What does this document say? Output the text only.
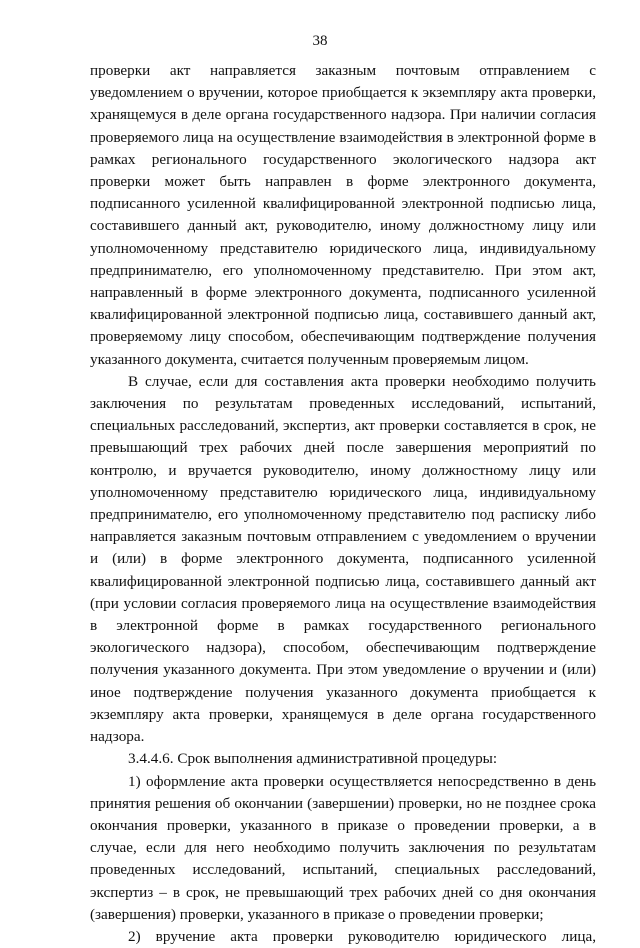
38

проверки акт направляется заказным почтовым отправлением с уведомлением о вручении, которое приобщается к экземпляру акта проверки, хранящемуся в деле органа государственного надзора. При наличии согласия проверяемого лица на осуществление взаимодействия в электронной форме в рамках регионального государственного экологического надзора акт проверки может быть направлен в форме электронного документа, подписанного усиленной квалифицированной электронной подписью лица, составившего данный акт, руководителю, иному должностному лицу или уполномоченному представителю юридического лица, индивидуальному предпринимателю, его уполномоченному представителю. При этом акт, направленный в форме электронного документа, подписанного усиленной квалифицированной электронной подписью лица, составившего данный акт, проверяемому лицу способом, обеспечивающим подтверждение получения указанного документа, считается полученным проверяемым лицом.

В случае, если для составления акта проверки необходимо получить заключения по результатам проведенных исследований, испытаний, специальных расследований, экспертиз, акт проверки составляется в срок, не превышающий трех рабочих дней после завершения мероприятий по контролю, и вручается руководителю, иному должностному лицу или уполномоченному представителю юридического лица, индивидуальному предпринимателю, его уполномоченному представителю под расписку либо направляется заказным почтовым отправлением с уведомлением о вручении и (или) в форме электронного документа, подписанного усиленной квалифицированной электронной подписью лица, составившего данный акт (при условии согласия проверяемого лица на осуществление взаимодействия в электронной форме в рамках государственного регионального экологического надзора), способом, обеспечивающим подтверждение получения указанного документа. При этом уведомление о вручении и (или) иное подтверждение получения указанного документа приобщается к экземпляру акта проверки, хранящемуся в деле органа государственного надзора.

3.4.4.6. Срок выполнения административной процедуры:

1) оформление акта проверки осуществляется непосредственно в день принятия решения об окончании (завершении) проверки, но не позднее срока окончания проверки, указанного в приказе о проведении проверки, а в случае, если для него необходимо получить заключения по результатам проведенных исследований, испытаний, специальных расследований, экспертиз – в срок, не превышающий трех рабочих дней со дня окончания (завершения) проверки, указанного в приказе о проведении проверки;

2) вручение акта проверки руководителю юридического лица,
